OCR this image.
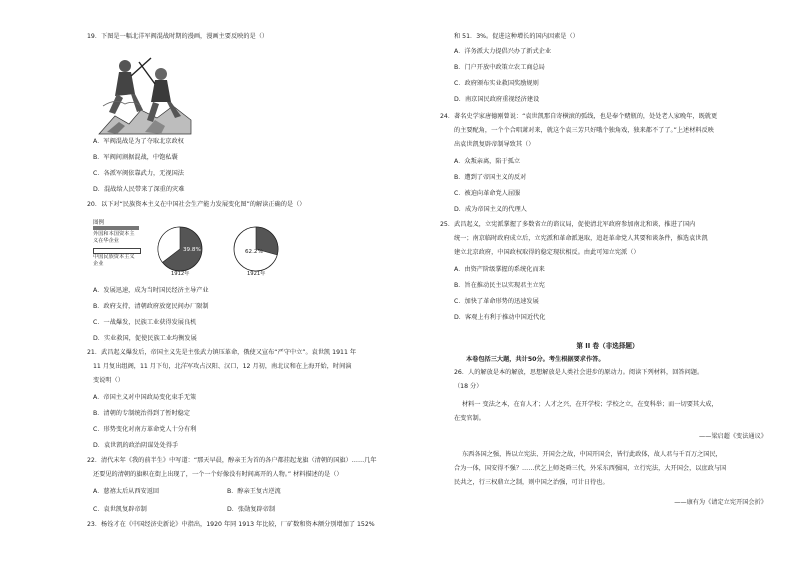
19．下图是一幅北洋军阀混战时期的漫画，漫画主要反映的是（）
A．军阀混战是为了夺取北京政权
B．军阀间割据混战，中饱私囊
C．各派军阀依靠武力，无视国法
D．混战给人民带来了深重的灾难
20．以下对“民族资本主义在中国社会生产能力发展变化图”的解读正确的是（）
图例
外国和本国资本主义在华企业
中国民族资本主义企业
39.8%
1912年
62.2%
1921年
A．发展迅速，成为当时国民经济主导产业
B．政府支持，清朝政府放宽民间办厂限制
C．一战爆发，民族工业获得发展良机
D．实业救国，促使民族工业均衡发展
21．武昌起义爆发后，帝国主义先是主张武力镇压革命，俄使又宣布“严守中立”。袁世凯 1911 年
11 月复出组阁，11 月下旬，北洋军攻占汉阳、汉口，12 月初，南北议和在上海开始，时间演
变说明（）
A．帝国主义对中国政局变化束手无策
B．清朝的专制统治得到了暂时稳定
C．形势变化对南方革命党人十分有利
D．袁世凯的政治阴谋处处得手
22．清代末年《我的前半生》中写道：“那天早晨，醇亲王为首的各户都挂起龙旗（清朝的国旗）……几年
还要见的清朝的旗帜在街上出现了，一个一个好像没有时间离开的人物。” 材料描述的是（）
A．慈禧太后从西安返回	B．醇亲王复古逆流
C．袁世凯复辟帝制	D．张勋复辟帝制
23．杨铨才在《中国经济史新论》中指出，1920 年同 1913 年比较，厂矿数和资本额分别增加了 152%
和 51．3%。促进这种增长的国内因素是（）
A．洋务派大力提倡兴办了新式企业
B．门户开放中政策立农工商总局
C．政府颁布实业救国奖励规则
D．南京国民政府重视经济建设
24．著名史学家唐德刚曾说：“袁世凯那自寄横滚的弧线，也是奉个赌瓶的，处处老人家晚年，既就更
的主要配角，一个个合唱萧对来，就这个袁三芳只好哦个独角戏，独来都不了了。”上述材料反映
出袁世凯复辟帝制导致其（）
A．众叛亲离，陷于孤立
B．遭到了帝国主义的反对
C．被迫向革命党人屈服
D．成为帝国主义的代理人
25．武昌起义，立宪派掌握了多数省立的谘议局，促使清北军政府参加南北和谈，推进了国内
统一；南京临时政府成立后，立宪派和革命派退取，追赶革命党人其要和谈条件，推选袁世凯
建立北京政府，中国政权取得的稳定现状相反。由此可知立宪派（）
A．由资产阶级掌握的系统化而来
B．旨在推动民主以实现君主立宪
C．加快了革命形势的迅速发展
D．客观上有利于推动中国近代化
第 II 卷（非选择题）
本卷包括三大题，共计50分。考生根据要求作答。
26．人的解放是本的解放，思想解放是人类社会进步的原动力。阅读下列材料，回答问题。
（18 分）
材料一 变法之本，在育人才；人才之兴，在开学校；学校之立，在变科举；而一切要其大成，
在变官制。
——梁启超《变法通议》
东西各国之强，皆以立宪法、开国会之故，中国开国会，皆行此政体，故人君与千百万之国民，
合为一体，国安得不强？……伏乞上师尧舜三代，外采东西强国，立行宪法，大开国会，以庶政与国
民共之，行三权鼎立之制，则中国之治强，可计日待也。
——康有为《请定立宪开国会折》
